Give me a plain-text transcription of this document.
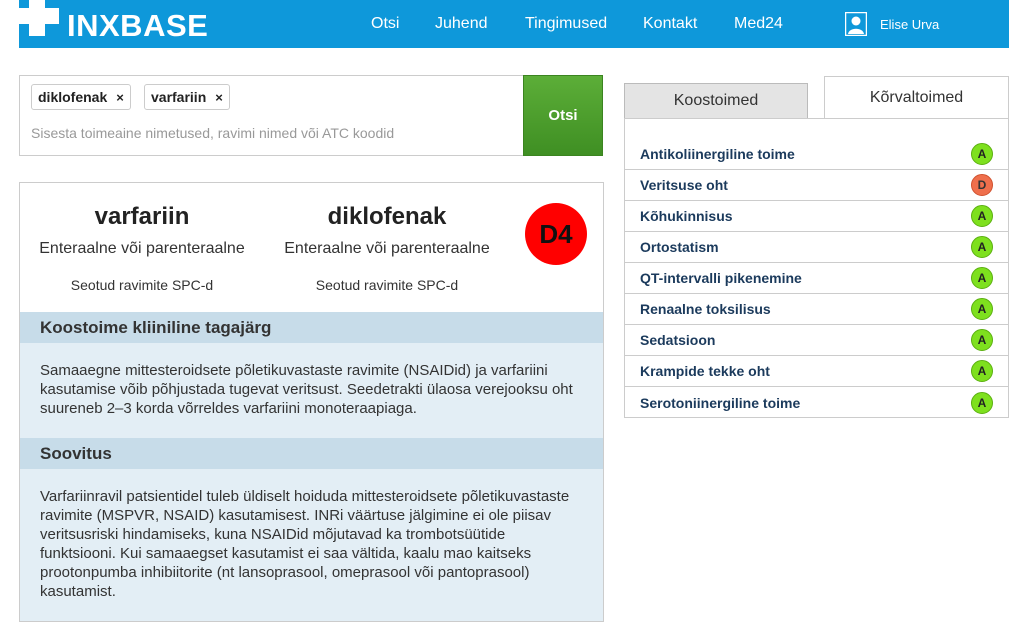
INXBASE	Otsi Juhend Tingimused Kontakt Med24	Elise Urva
diklofenak × varfariin ×
Sisesta toimeaine nimetused, ravimi nimed või ATC koodid
Otsi
varfariin
Enteraalne või parenteraalne
Seotud ravimite SPC-d
diklofenak
Enteraalne või parenteraalne
Seotud ravimite SPC-d
D4
Koostoime kliiniline tagajärg
Samaaegne mittesteroidsete põletikuvastaste ravimite (NSAIDid) ja varfariini kasutamise võib põhjustada tugevat veritsust. Seedetrakti ülaosa verejooksu oht suureneb 2–3 korda võrreldes varfariini monoteraapiaga.
Soovitus
Varfariinravil patsientidel tuleb üldiselt hoiduda mittesteroidsete põletikuvastaste ravimite (MSPVR, NSAID) kasutamisest. INRi väärtuse jälgimine ei ole piisav veritsusriski hindamiseks, kuna NSAIDid mõjutavad ka trombotsüütide funktsiooni. Kui samaaegset kasutamist ei saa vältida, kaalu mao kaitseks prootonpumba inhibiitorite (nt lansoprasool, omeprasool või pantoprasool) kasutamist.
Koostoimed	Kõrvaltoimed
Antikoliinergiline toime	A
Veritsuse oht	D
Kõhukinnisus	A
Ortostatism	A
QT-intervalli pikenemine	A
Renaalne toksilisus	A
Sedatsioon	A
Krampide tekke oht	A
Serotoniinergiline toime	A
